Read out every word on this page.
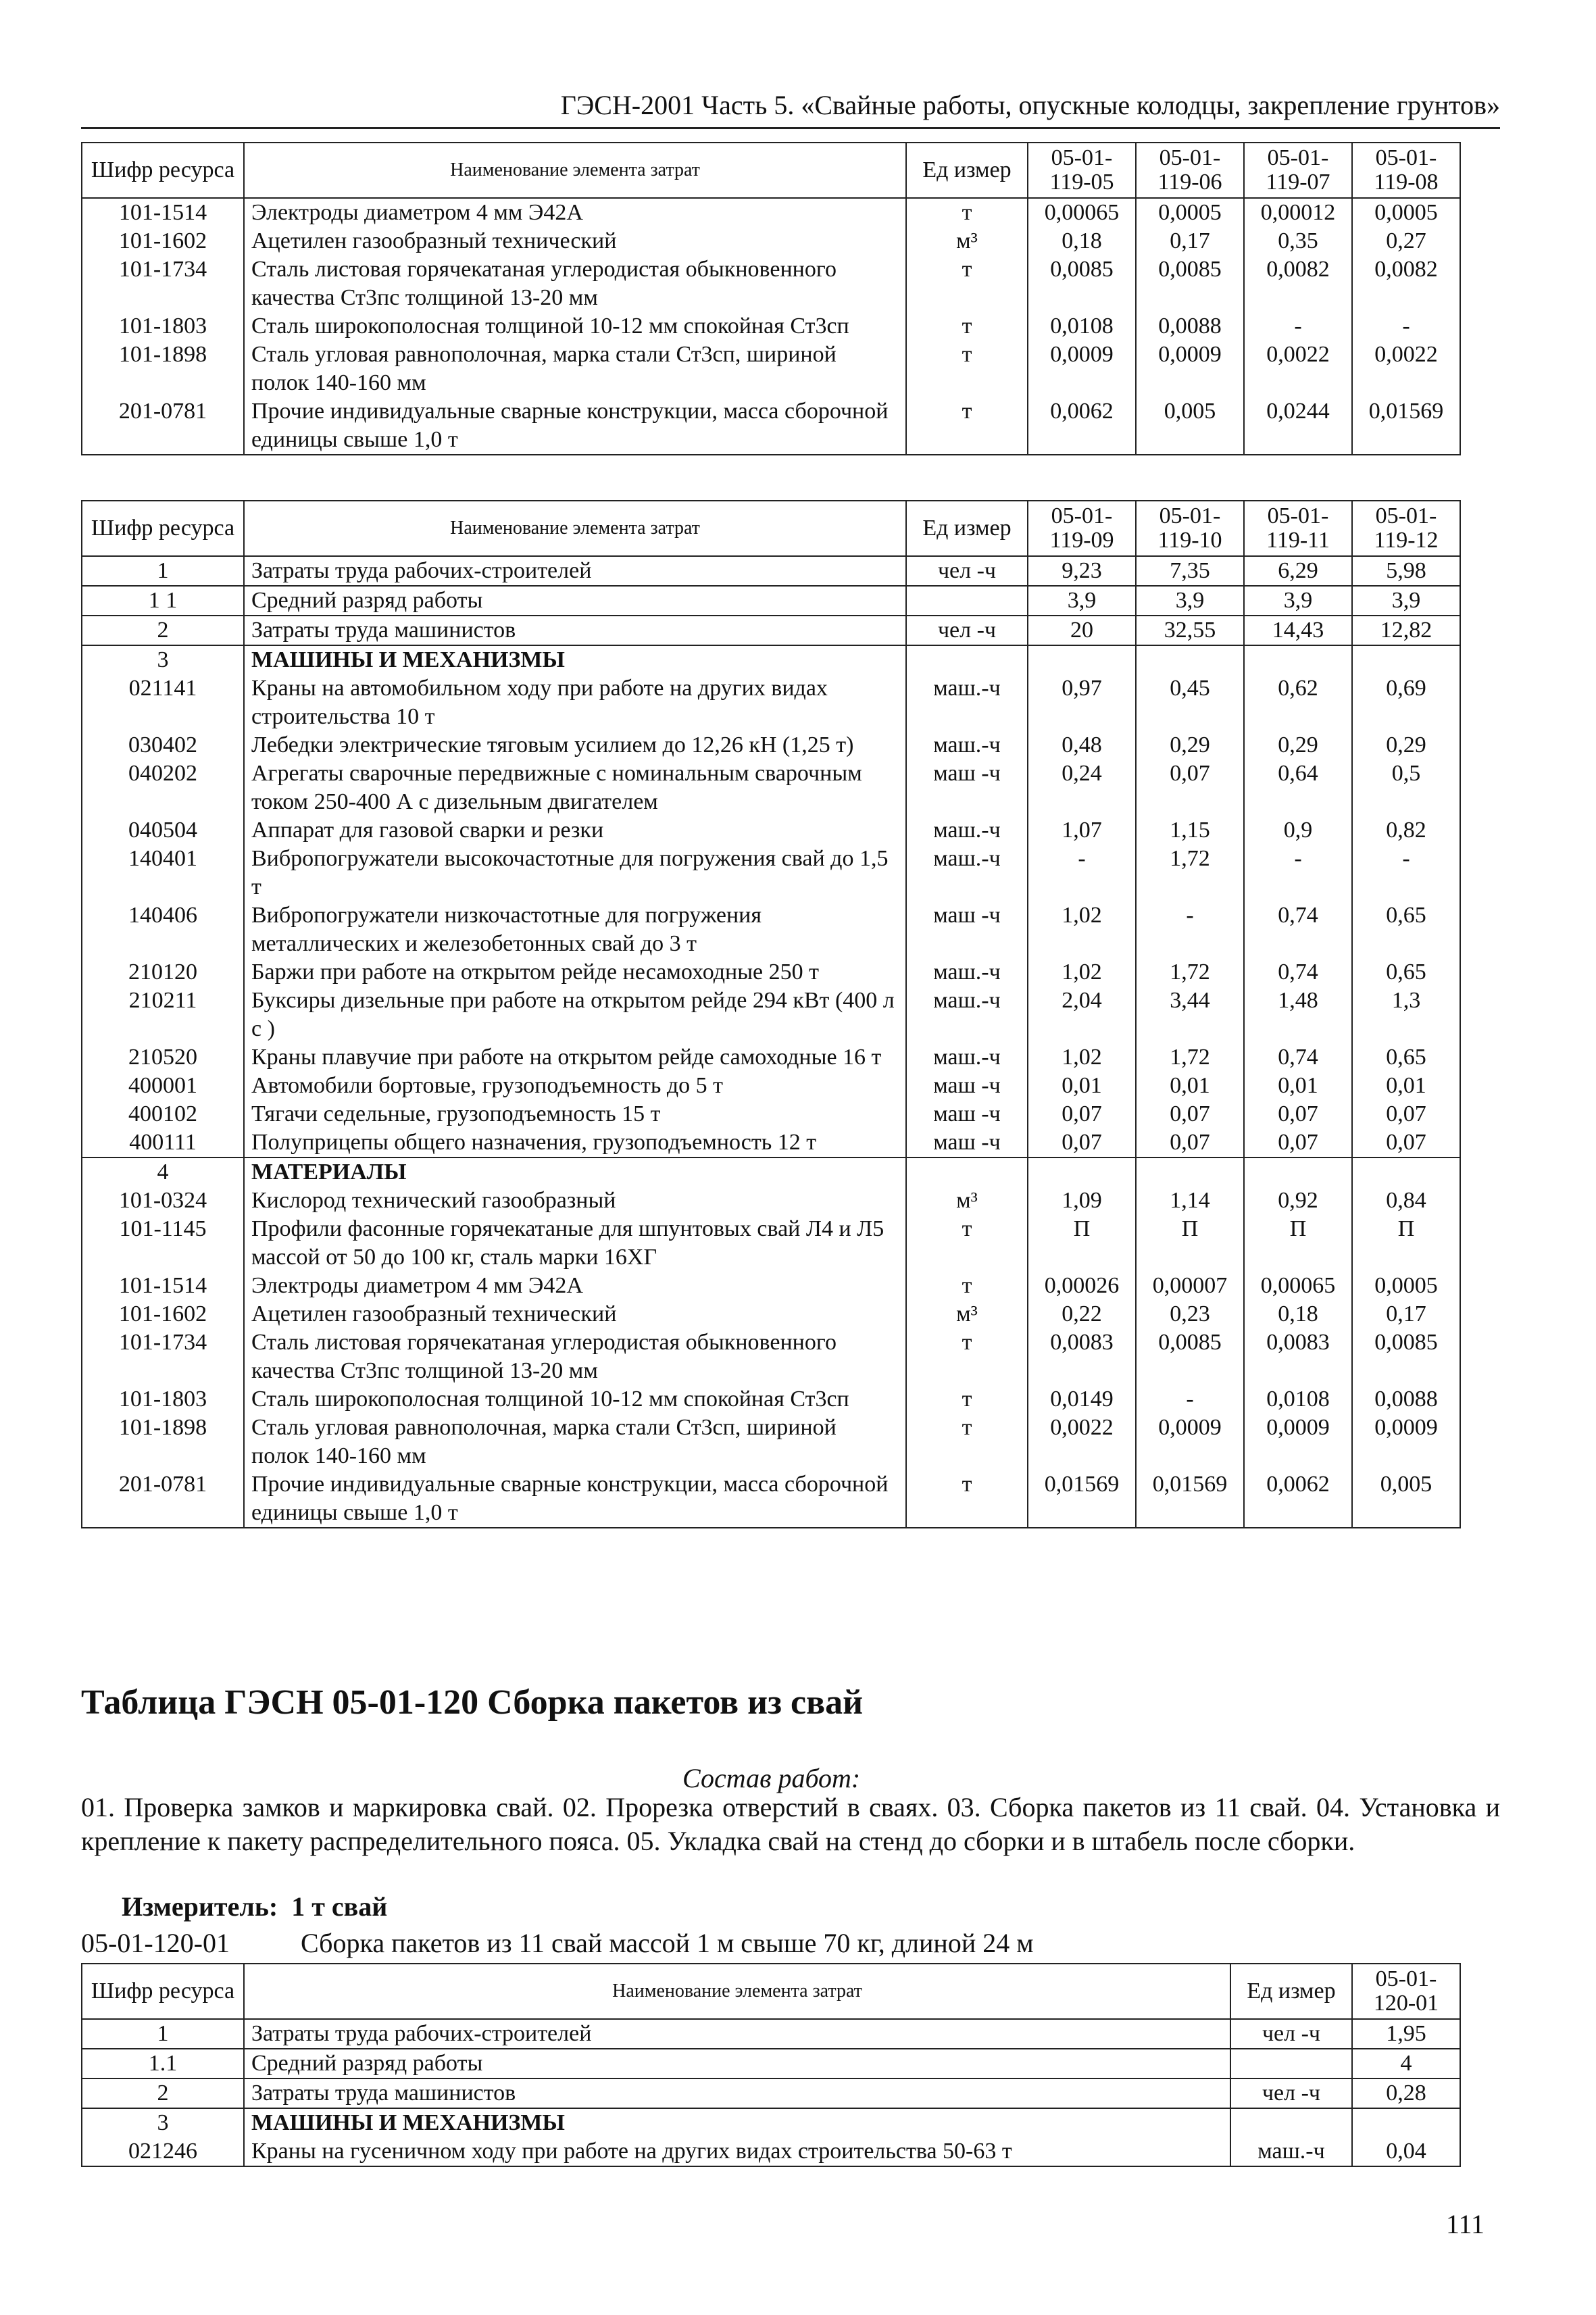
ГЭСН-2001 Часть 5. «Свайные работы, опускные колодцы, закрепление грунтов»
Шифр ресурса	Наименование элемента затрат	Ед измер	05-01-119-05	05-01-119-06	05-01-119-07	05-01-119-08
101-1514	Электроды диаметром 4 мм Э42А	т	0,00065	0,0005	0,00012	0,0005
101-1602	Ацетилен газообразный технический	м³	0,18	0,17	0,35	0,27
101-1734	Сталь листовая горячекатаная углеродистая обыкновенного качества Ст3пс толщиной 13-20 мм	т	0,0085	0,0085	0,0082	0,0082
101-1803	Сталь широкополосная толщиной 10-12 мм спокойная Ст3сп	т	0,0108	0,0088	-	-
101-1898	Сталь угловая равнополочная, марка стали Ст3сп, шириной полок 140-160 мм	т	0,0009	0,0009	0,0022	0,0022
201-0781	Прочие индивидуальные сварные конструкции, масса сборочной единицы свыше 1,0 т	т	0,0062	0,005	0,0244	0,01569
Шифр ресурса	Наименование элемента затрат	Ед измер	05-01-119-09	05-01-119-10	05-01-119-11	05-01-119-12
1	Затраты труда рабочих-строителей	чел -ч	9,23	7,35	6,29	5,98
1 1	Средний разряд работы		3,9	3,9	3,9	3,9
2	Затраты труда машинистов	чел -ч	20	32,55	14,43	12,82
3	МАШИНЫ И МЕХАНИЗМЫ					
021141	Краны на автомобильном ходу при работе на других видах строительства 10 т	маш.-ч	0,97	0,45	0,62	0,69
030402	Лебедки электрические тяговым усилием до 12,26 кН (1,25 т)	маш.-ч	0,48	0,29	0,29	0,29
040202	Агрегаты сварочные передвижные с номинальным сварочным током 250-400 А с дизельным двигателем	маш -ч	0,24	0,07	0,64	0,5
040504	Аппарат для газовой сварки и резки	маш.-ч	1,07	1,15	0,9	0,82
140401	Вибропогружатели высокочастотные для погружения свай до 1,5 т	маш.-ч	-	1,72	-	-
140406	Вибропогружатели низкочастотные для погружения металлических и железобетонных свай до 3 т	маш -ч	1,02	-	0,74	0,65
210120	Баржи при работе на открытом рейде несамоходные 250 т	маш.-ч	1,02	1,72	0,74	0,65
210211	Буксиры дизельные при работе на открытом рейде 294 кВт (400 л с )	маш.-ч	2,04	3,44	1,48	1,3
210520	Краны плавучие при работе на открытом рейде самоходные 16 т	маш.-ч	1,02	1,72	0,74	0,65
400001	Автомобили бортовые, грузоподъемность до 5 т	маш -ч	0,01	0,01	0,01	0,01
400102	Тягачи седельные, грузоподъемность 15 т	маш -ч	0,07	0,07	0,07	0,07
400111	Полуприцепы общего назначения, грузоподъемность 12 т	маш -ч	0,07	0,07	0,07	0,07
4	МАТЕРИАЛЫ					
101-0324	Кислород технический газообразный	м³	1,09	1,14	0,92	0,84
101-1145	Профили фасонные горячекатаные для шпунтовых свай Л4 и Л5 массой от 50 до 100 кг, сталь марки 16ХГ	т	П	П	П	П
101-1514	Электроды диаметром 4 мм Э42А	т	0,00026	0,00007	0,00065	0,0005
101-1602	Ацетилен газообразный технический	м³	0,22	0,23	0,18	0,17
101-1734	Сталь листовая горячекатаная углеродистая обыкновенного качества Ст3пс толщиной 13-20 мм	т	0,0083	0,0085	0,0083	0,0085
101-1803	Сталь широкополосная толщиной 10-12 мм спокойная Ст3сп	т	0,0149	-	0,0108	0,0088
101-1898	Сталь угловая равнополочная, марка стали Ст3сп, шириной полок 140-160 мм	т	0,0022	0,0009	0,0009	0,0009
201-0781	Прочие индивидуальные сварные конструкции, масса сборочной единицы свыше 1,0 т	т	0,01569	0,01569	0,0062	0,005
Таблица ГЭСН 05-01-120 Сборка пакетов из свай
Состав работ:
01. Проверка замков и маркировка свай. 02. Прорезка отверстий в сваях. 03. Сборка пакетов из 11 свай. 04. Установка и крепление к пакету распределительного пояса. 05. Укладка свай на стенд до сборки и в штабель после сборки.
Измеритель: 1 т свай
05-01-120-01	Сборка пакетов из 11 свай массой 1 м свыше 70 кг, длиной 24 м
Шифр ресурса	Наименование элемента затрат	Ед измер	05-01-120-01
1	Затраты труда рабочих-строителей	чел -ч	1,95
1.1	Средний разряд работы		4
2	Затраты труда машинистов	чел -ч	0,28
3	МАШИНЫ И МЕХАНИЗМЫ		
021246	Краны на гусеничном ходу при работе на других видах строительства 50-63 т	маш.-ч	0,04
111
